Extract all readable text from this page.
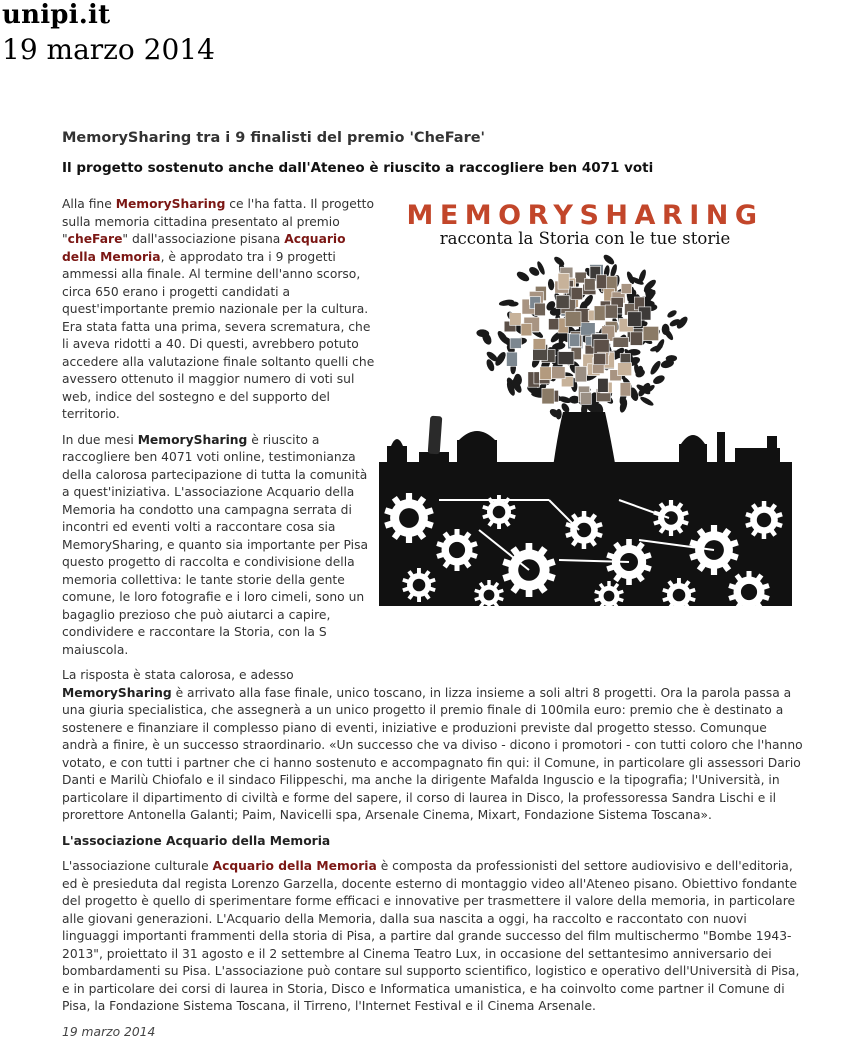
unipi.it
19 marzo 2014
MemorySharing tra i 9 finalisti del premio 'CheFare'
Il progetto sostenuto anche dall'Ateneo è riuscito a raccogliere ben 4071 voti
MEMORYSHARING
racconta la Storia con le tue storie

Alla fine MemorySharing ce l'ha fatta. Il progetto sulla memoria cittadina presentato al premio "cheFare" dall'associazione pisana Acquario della Memoria, è approdato tra i 9 progetti ammessi alla finale. Al termine dell'anno scorso, circa 650 erano i progetti candidati a quest'importante premio nazionale per la cultura. Era stata fatta una prima, severa scrematura, che li aveva ridotti a 40. Di questi, avrebbero potuto accedere alla valutazione finale soltanto quelli che avessero ottenuto il maggior numero di voti sul web, indice del sostegno e del supporto del territorio.

In due mesi MemorySharing è riuscito a raccogliere ben 4071 voti online, testimonianza della calorosa partecipazione di tutta la comunità a quest'iniziativa. L'associazione Acquario della Memoria ha condotto una campagna serrata di incontri ed eventi volti a raccontare cosa sia MemorySharing, e quanto sia importante per Pisa questo progetto di raccolta e condivisione della memoria collettiva: le tante storie della gente comune, le loro fotografie e i loro cimeli, sono un bagaglio prezioso che può aiutarci a capire, condividere e raccontare la Storia, con la S maiuscola.

La risposta è stata calorosa, e adesso
MemorySharing è arrivato alla fase finale, unico toscano, in lizza insieme a soli altri 8 progetti. Ora la parola passa a una giuria specialistica, che assegnerà a un unico progetto il premio finale di 100mila euro: premio che è destinato a sostenere e finanziare il complesso piano di eventi, iniziative e produzioni previste dal progetto stesso. Comunque andrà a finire, è un successo straordinario. «Un successo che va diviso - dicono i promotori - con tutti coloro che l'hanno votato, e con tutti i partner che ci hanno sostenuto e accompagnato fin qui: il Comune, in particolare gli assessori Dario Danti e Marilù Chiofalo e il sindaco Filippeschi, ma anche la dirigente Mafalda Inguscio e la tipografia; l'Università, in particolare il dipartimento di civiltà e forme del sapere, il corso di laurea in Disco, la professoressa Sandra Lischi e il prorettore Antonella Galanti; Paim, Navicelli spa, Arsenale Cinema, Mixart, Fondazione Sistema Toscana».

L'associazione Acquario della Memoria

L'associazione culturale Acquario della Memoria è composta da professionisti del settore audiovisivo e dell'editoria, ed è presieduta dal regista Lorenzo Garzella, docente esterno di montaggio video all'Ateneo pisano. Obiettivo fondante del progetto è quello di sperimentare forme efficaci e innovative per trasmettere il valore della memoria, in particolare alle giovani generazioni. L'Acquario della Memoria, dalla sua nascita a oggi, ha raccolto e raccontato con nuovi linguaggi importanti frammenti della storia di Pisa, a partire dal grande successo del film multischermo "Bombe 1943-2013", proiettato il 31 agosto e il 2 settembre al Cinema Teatro Lux, in occasione del settantesimo anniversario dei bombardamenti su Pisa. L'associazione può contare sul supporto scientifico, logistico e operativo dell'Università di Pisa, e in particolare dei corsi di laurea in Storia, Disco e Informatica umanistica, e ha coinvolto come partner il Comune di Pisa, la Fondazione Sistema Toscana, il Tirreno, l'Internet Festival e il Cinema Arsenale.

19 marzo 2014
